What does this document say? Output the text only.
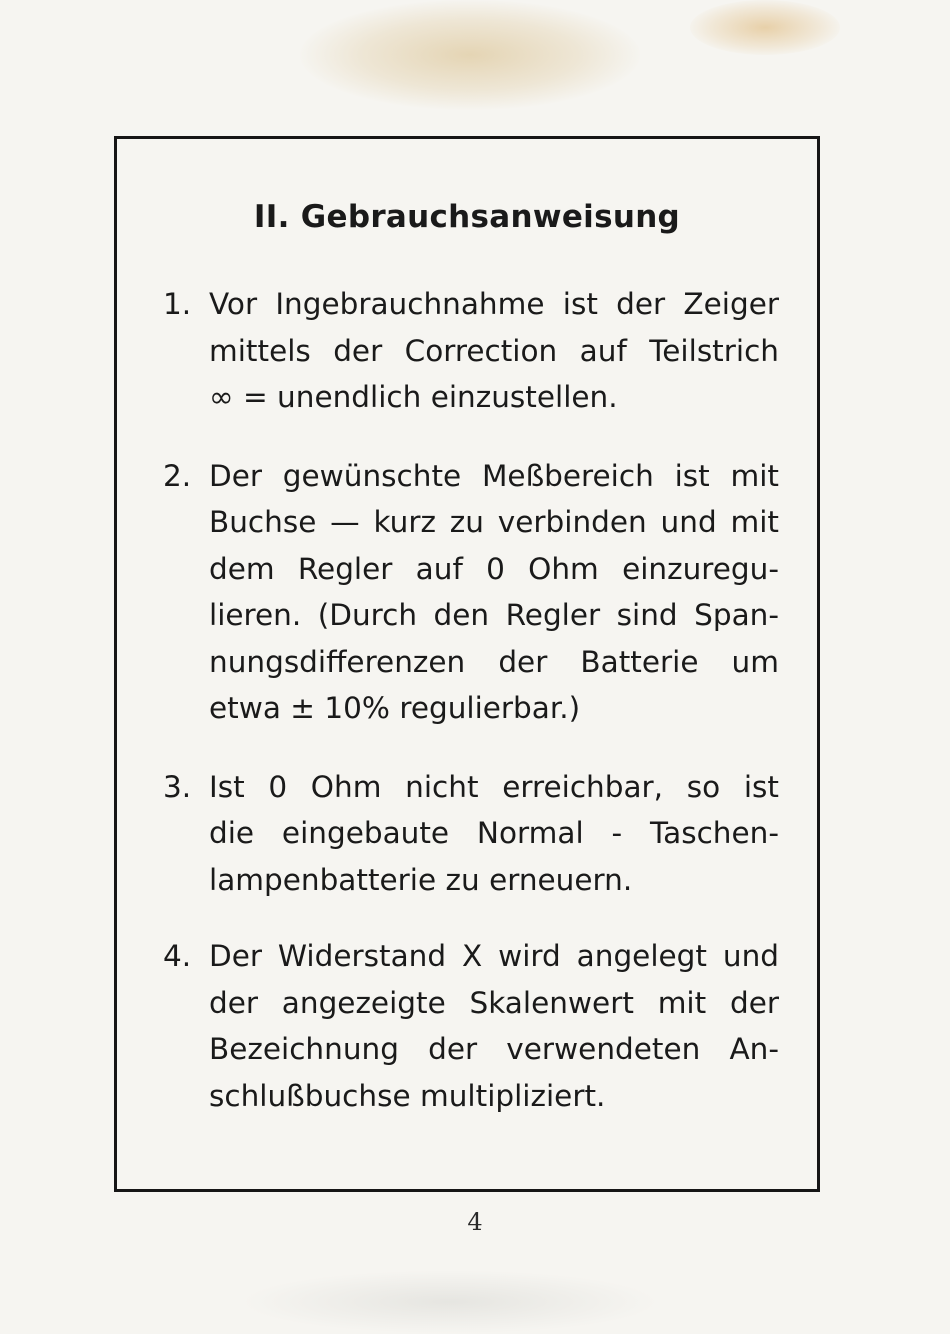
II. Gebrauchsanweisung
1. Vor Ingebrauchnahme ist der Zeiger
mittels der Correction auf Teilstrich
∞ = unendlich einzustellen.
2. Der gewünschte Meßbereich ist mit
Buchse — kurz zu verbinden und mit
dem Regler auf 0 Ohm einzuregu-
lieren. (Durch den Regler sind Span-
nungsdifferenzen der Batterie um
etwa ± 10% regulierbar.)
3. Ist 0 Ohm nicht erreichbar, so ist
die eingebaute Normal - Taschen-
lampenbatterie zu erneuern.
4. Der Widerstand X wird angelegt und
der angezeigte Skalenwert mit der
Bezeichnung der verwendeten An-
schlußbuchse multipliziert.
4
